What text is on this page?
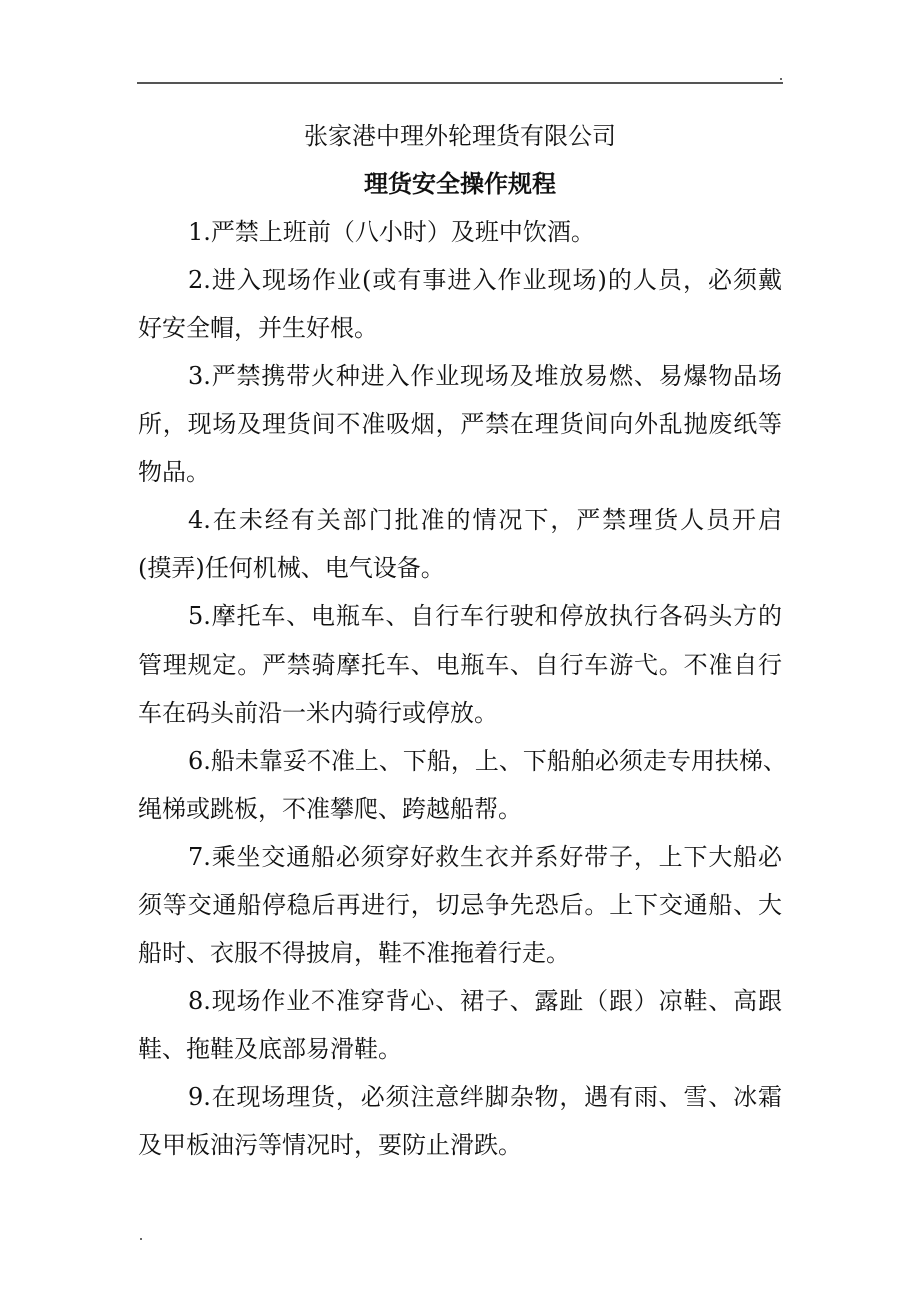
张家港中理外轮理货有限公司
理货安全操作规程
1.严禁上班前（八小时）及班中饮酒。
2.进入现场作业(或有事进入作业现场)的人员，必须戴
好安全帽，并生好根。
3.严禁携带火种进入作业现场及堆放易燃、易爆物品场
所，现场及理货间不准吸烟，严禁在理货间向外乱抛废纸等
物品。
4.在未经有关部门批准的情况下，严禁理货人员开启
(摸弄)任何机械、电气设备。
5.摩托车、电瓶车、自行车行驶和停放执行各码头方的
管理规定。严禁骑摩托车、电瓶车、自行车游弋。不准自行
车在码头前沿一米内骑行或停放。
6.船未靠妥不准上、下船，上、下船舶必须走专用扶梯、
绳梯或跳板，不准攀爬、跨越船帮。
7.乘坐交通船必须穿好救生衣并系好带子，上下大船必
须等交通船停稳后再进行，切忌争先恐后。上下交通船、大
船时、衣服不得披肩，鞋不准拖着行走。
8.现场作业不准穿背心、裙子、露趾（跟）凉鞋、高跟
鞋、拖鞋及底部易滑鞋。
9.在现场理货，必须注意绊脚杂物，遇有雨、雪、冰霜
及甲板油污等情况时，要防止滑跌。
